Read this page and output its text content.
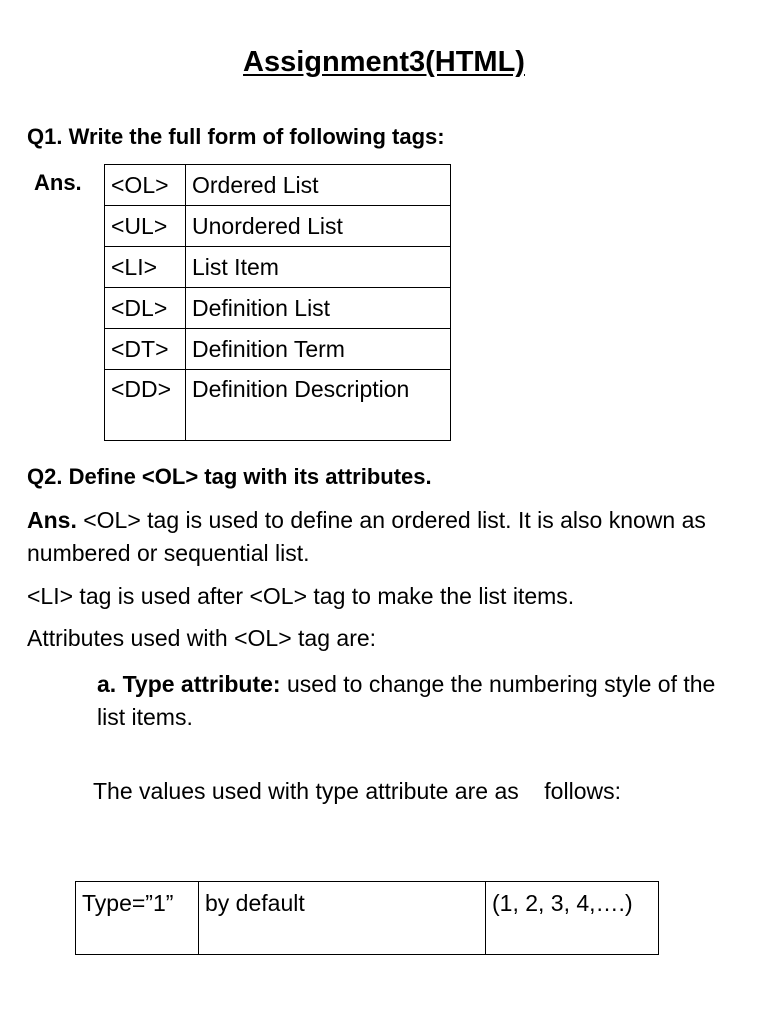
Assignment3(HTML)
Q1. Write the full form of following tags:
Ans. <OL>	Ordered List
<UL>	Unordered List
<LI>	List Item
<DL>	Definition List
<DT>	Definition Term
<DD>	Definition Description
Q2. Define <OL> tag with its attributes.
Ans. <OL> tag is used to define an ordered list. It is also known as numbered or sequential list.
<LI> tag is used after <OL> tag to make the list items.
Attributes used with <OL> tag are:
a. Type attribute: used to change the numbering style of the list items.
The values used with type attribute are as    follows:
Type=”1”	by default	(1, 2, 3, 4,….)
